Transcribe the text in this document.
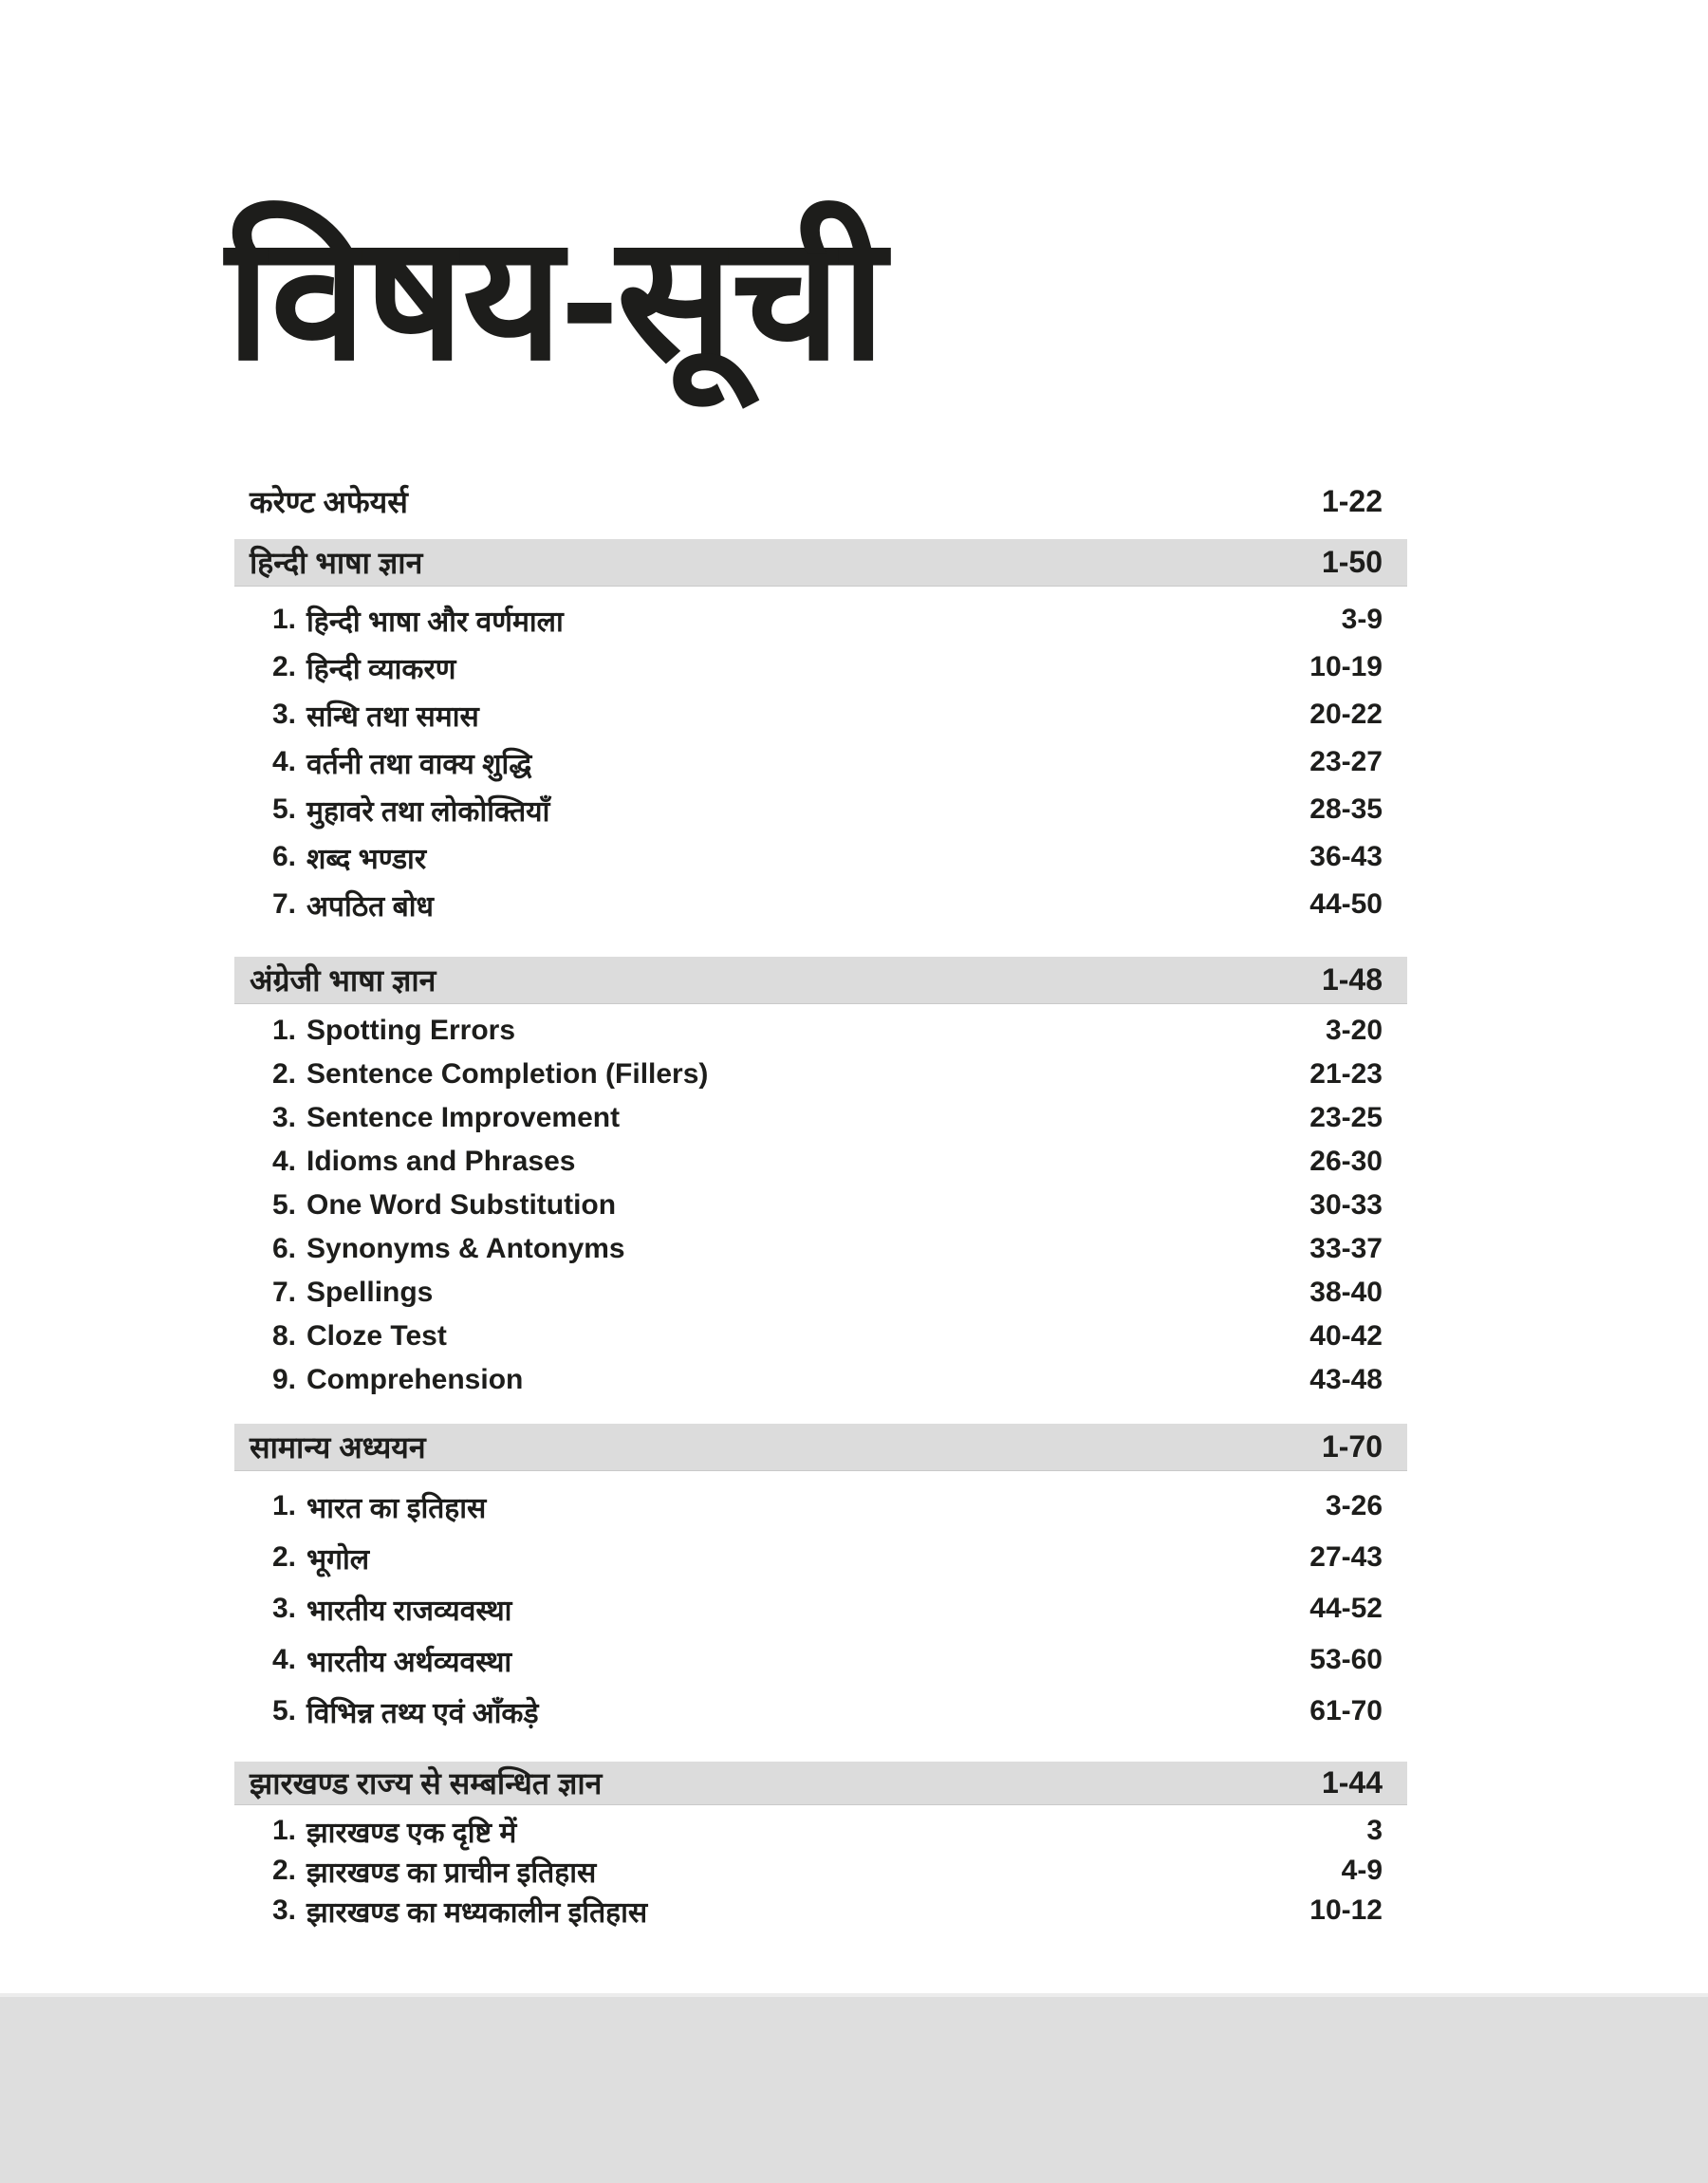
विषय-सूची
करेण्ट अफेयर्स	1-22
हिन्दी भाषा ज्ञान	1-50
1. हिन्दी भाषा और वर्णमाला	3-9
2. हिन्दी व्याकरण	10-19
3. सन्धि तथा समास	20-22
4. वर्तनी तथा वाक्य शुद्धि	23-27
5. मुहावरे तथा लोकोक्तियाँ	28-35
6. शब्द भण्डार	36-43
7. अपठित बोध	44-50
अंग्रेजी भाषा ज्ञान	1-48
1. Spotting Errors	3-20
2. Sentence Completion (Fillers)	21-23
3. Sentence Improvement	23-25
4. Idioms and Phrases	26-30
5. One Word Substitution	30-33
6. Synonyms & Antonyms	33-37
7. Spellings	38-40
8. Cloze Test	40-42
9. Comprehension	43-48
सामान्य अध्ययन	1-70
1. भारत का इतिहास	3-26
2. भूगोल	27-43
3. भारतीय राजव्यवस्था	44-52
4. भारतीय अर्थव्यवस्था	53-60
5. विभिन्न तथ्य एवं आँकड़े	61-70
झारखण्ड राज्य से सम्बन्धित ज्ञान	1-44
1. झारखण्ड एक दृष्टि में	3
2. झारखण्ड का प्राचीन इतिहास	4-9
3. झारखण्ड का मध्यकालीन इतिहास	10-12
